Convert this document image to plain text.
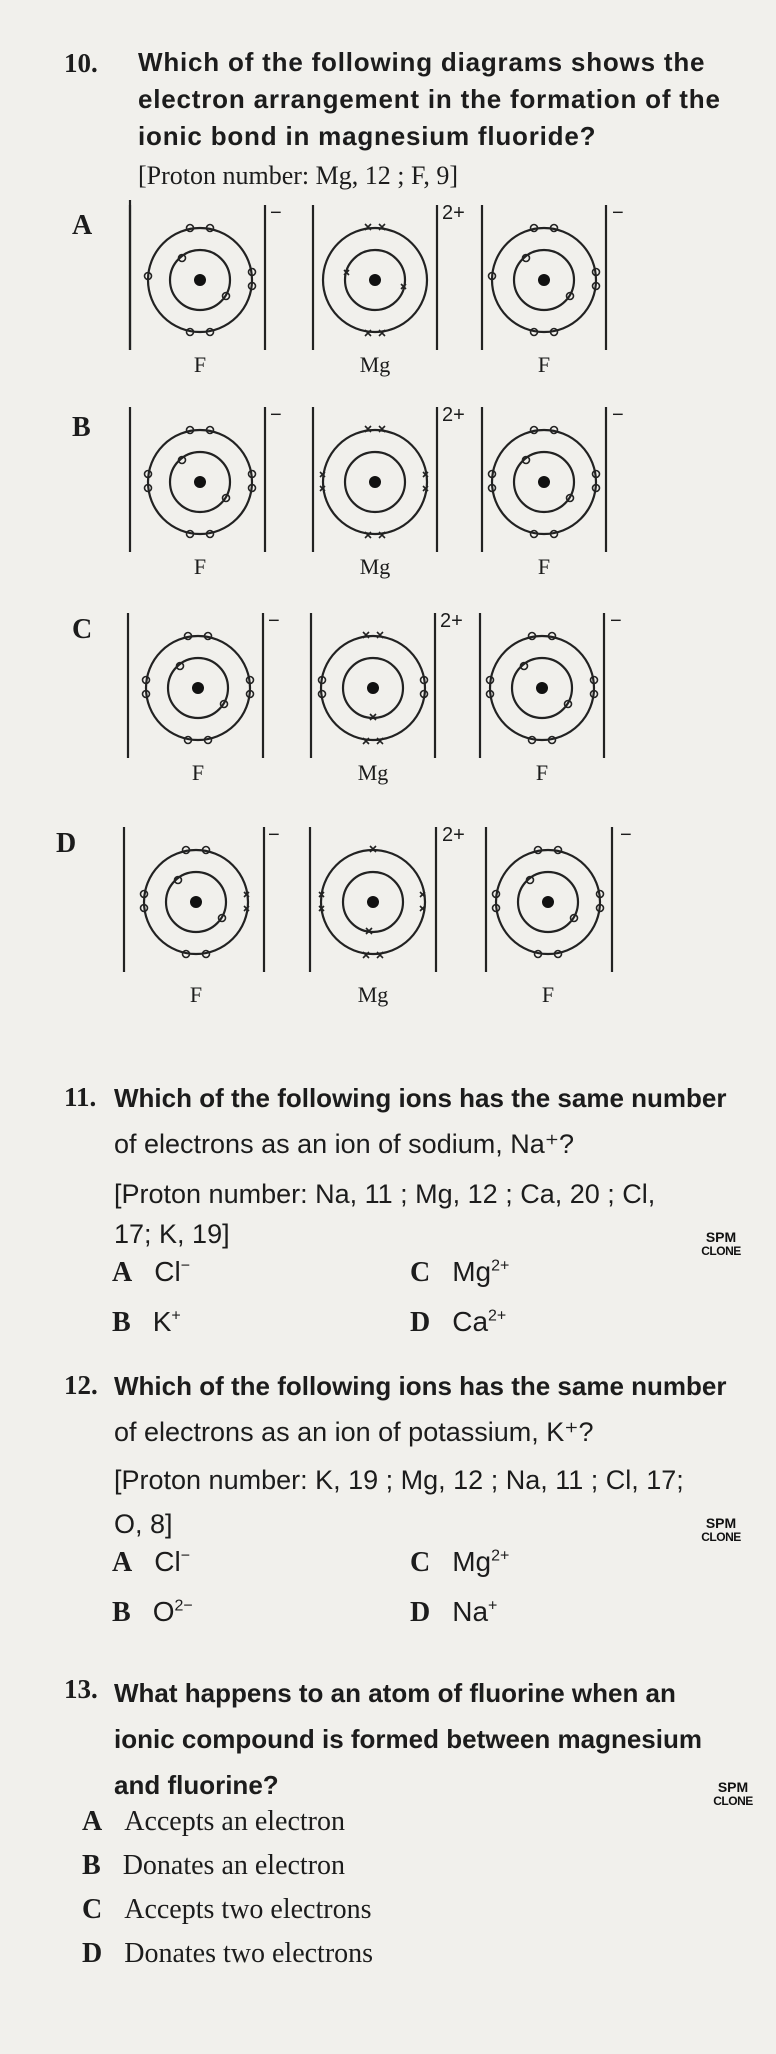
10. Which of the following diagrams shows the
electron arrangement in the formation of the
ionic bond in magnesium fluoride?
[Proton number: Mg, 12 ; F, 9]
A	−	2+	−
F	Mg	F
B	−	2+	−
F	Mg	F
C	−	2+	−
F	Mg	F
D	−	2+	−
F	Mg	F
11. Which of the following ions has the same number
of electrons as an ion of sodium, Na⁺?
[Proton number: Na, 11 ; Mg, 12 ; Ca, 20 ; Cl,
17; K, 19]
A Cl−	C $Mg^{2+}$
B K+	D $Ca^{2+}$
SPM
CLONE
12. Which of the following ions has the same number
of electrons as an ion of potassium, K⁺?
[Proton number: K, 19 ; Mg, 12 ; Na, 11 ; Cl, 17;
O, 8]
A Cl−	C $Mg^{2+}$
B $O^{2-}$	D Na+
SPM
CLONE
13. What happens to an atom of fluorine when an
ionic compound is formed between magnesium
and fluorine?
A Accepts an electron
B Donates an electron
C Accepts two electrons
D Donates two electrons
SPM
CLONE
